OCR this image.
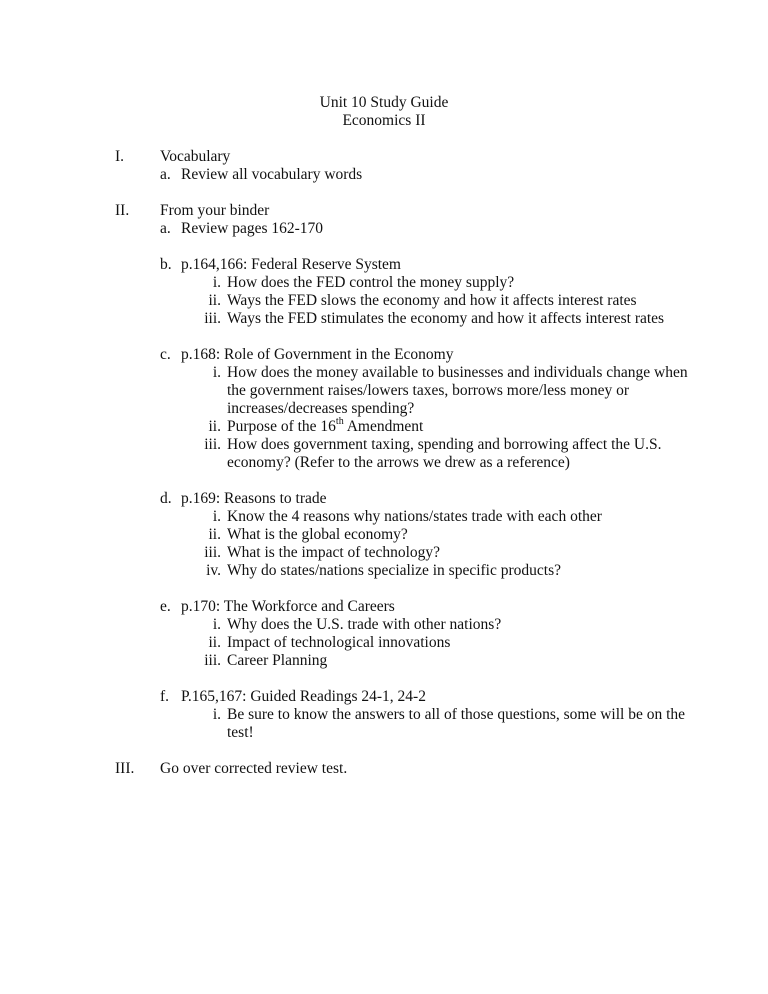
Unit 10 Study Guide
Economics II
I. Vocabulary
a. Review all vocabulary words
II. From your binder
a. Review pages 162-170
b. p.164,166: Federal Reserve System
i. How does the FED control the money supply?
ii. Ways the FED slows the economy and how it affects interest rates
iii. Ways the FED stimulates the economy and how it affects interest rates
c. p.168: Role of Government in the Economy
i. How does the money available to businesses and individuals change when
the government raises/lowers taxes, borrows more/less money or
increases/decreases spending?
ii. Purpose of the 16th Amendment
iii. How does government taxing, spending and borrowing affect the U.S.
economy? (Refer to the arrows we drew as a reference)
d. p.169: Reasons to trade
i. Know the 4 reasons why nations/states trade with each other
ii. What is the global economy?
iii. What is the impact of technology?
iv. Why do states/nations specialize in specific products?
e. p.170: The Workforce and Careers
i. Why does the U.S. trade with other nations?
ii. Impact of technological innovations
iii. Career Planning
f. P.165,167: Guided Readings 24-1, 24-2
i. Be sure to know the answers to all of those questions, some will be on the
test!
III. Go over corrected review test.
